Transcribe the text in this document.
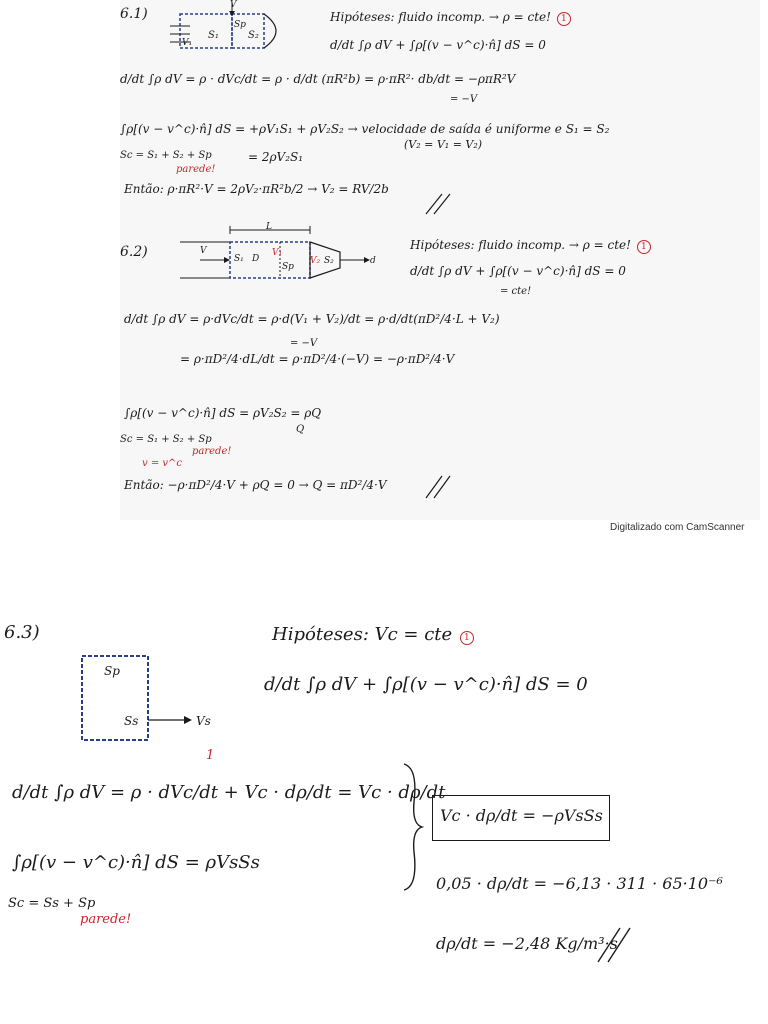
6.1)
V
V₁
S₁
Sp
S₂
Hipóteses: fluido incomp. → ρ = cte! 1
d/dt ∫ρ dV + ∫ρ[(v − v^c)·n̂] dS = 0
d/dt ∫ρ dV = ρ · dVc/dt = ρ · d/dt (πR²b) = ρ·πR²· db/dt = −ρπR²V
= −V
∫ρ[(v − v^c)·n̂] dS = +ρV₁S₁ + ρV₂S₂ → velocidade de saída é uniforme e S₁ = S₂
(V₂ = V₁ = V₂)
Sc = S₁ + S₂ + Sp
parede!
= 2ρV₂S₁
Então: ρ·πR²·V = 2ρV₂·πR²b/2 → V₂ = RV/2b
6.2)
L
V
S₁ D
V₁
Sp
V₂ S₂	d
Hipóteses: fluido incomp. → ρ = cte! 1
d/dt ∫ρ dV + ∫ρ[(v − v^c)·n̂] dS = 0
= cte!
d/dt ∫ρ dV = ρ·dVc/dt = ρ·d(V₁ + V₂)/dt = ρ·d/dt(πD²/4·L + V₂)
= ρ·πD²/4·dL/dt = ρ·πD²/4·(−V) = −ρ·πD²/4·V
= −V
∫ρ[(v − v^c)·n̂] dS = ρV₂S₂ = ρQ
Q
Sc = S₁ + S₂ + Sp
parede!
v = v^c
Então: −ρ·πD²/4·V + ρQ = 0 → Q = πD²/4·V
Digitalizado com CamScanner
6.3)
Sp
Ss	Vs
Hipóteses: Vc = cte 1
d/dt ∫ρ dV + ∫ρ[(v − v^c)·n̂] dS = 0
d/dt ∫ρ dV = ρ · dVc/dt + Vc · dρ/dt = Vc · dρ/dt
1
∫ρ[(v − v^c)·n̂] dS = ρVsSs
Sc = Ss + Sp
parede!
Vc · dρ/dt = −ρVsSs
0,05 · dρ/dt = −6,13 · 311 · 65·10⁻⁶
dρ/dt = −2,48 Kg/m³·s
